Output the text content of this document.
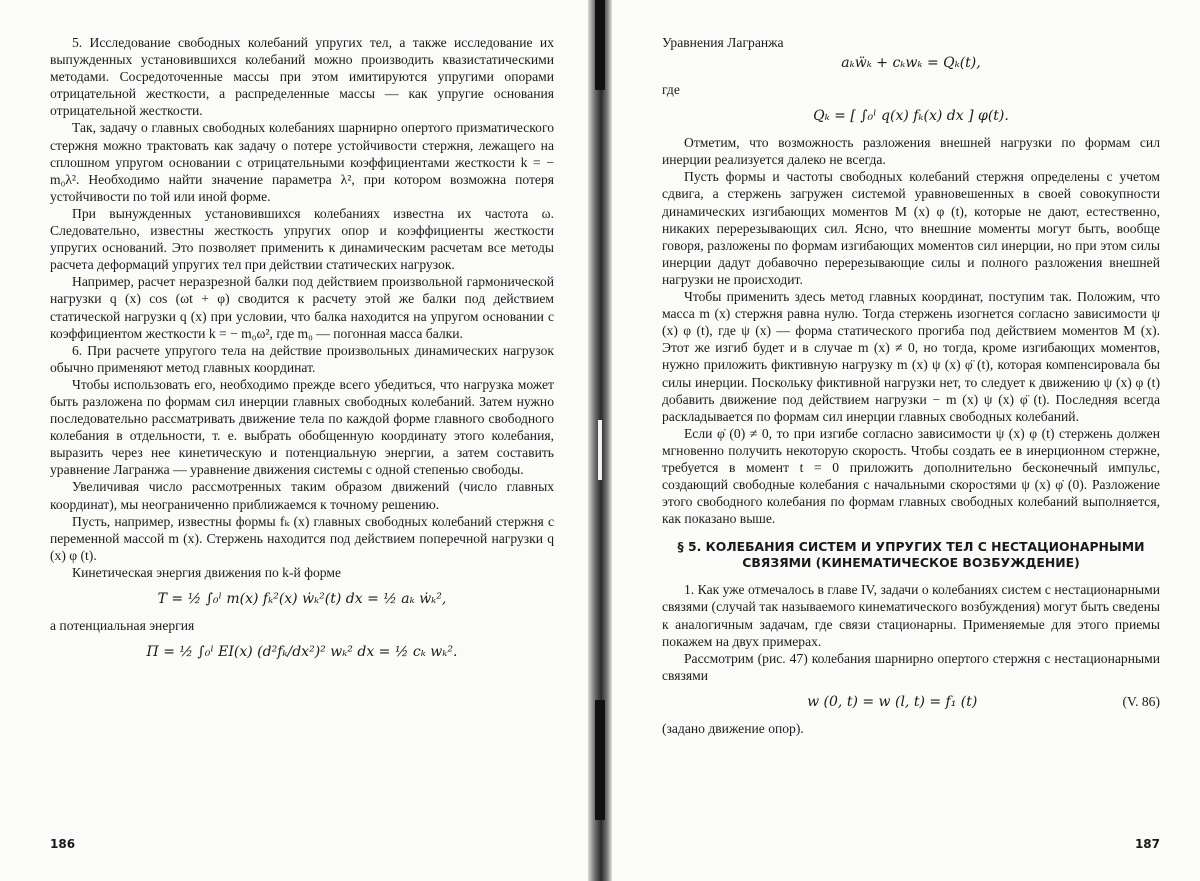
5. Исследование свободных колебаний упругих тел, а также исследование их выпужденных установившихся колебаний можно производить квазистатическими методами. Сосредоточенные массы при этом имитируются упругими опорами отрицательной жесткости, а распределенные массы — как упругие основания отрицательной жесткости.

Так, задачу о главных свободных колебаниях шарнирно опертого призматического стержня можно трактовать как задачу о потере устойчивости стержня, лежащего на сплошном упругом основании с отрицательными коэффициентами жесткости k = − m₀λ². Необходимо найти значение параметра λ², при котором возможна потеря устойчивости по той или иной форме.

При вынужденных установившихся колебаниях известна их частота ω. Следовательно, известны жесткость упругих опор и коэффициенты жесткости упругих оснований. Это позволяет применить к динамическим расчетам все методы расчета деформаций упругих тел при действии статических нагрузок.

Например, расчет неразрезной балки под действием произвольной гармонической нагрузки q (x) cos (ωt + φ) сводится к расчету этой же балки под действием статической нагрузки q (x) при условии, что балка находится на упругом основании с коэффициентом жесткости k = − m₀ω², где m₀ — погонная масса балки.

6. При расчете упругого тела на действие произвольных динамических нагрузок обычно применяют метод главных координат.

Чтобы использовать его, необходимо прежде всего убедиться, что нагрузка может быть разложена по формам сил инерции главных свободных колебаний. Затем нужно последовательно рассматривать движение тела по каждой форме главного свободного колебания в отдельности, т. е. выбрать обобщенную координату этого колебания, выразить через нее кинетическую и потенциальную энергии, а затем составить уравнение Лагранжа — уравнение движения системы с одной степенью свободы.

Увеличивая число рассмотренных таким образом движений (число главных координат), мы неограниченно приближаемся к точному решению.

Пусть, например, известны формы fₖ (x) главных свободных колебаний стержня с переменной массой m (x). Стержень находится под действием поперечной нагрузки q (x) φ (t).

Кинетическая энергия движения по k-й форме

T = ½ ∫₀ˡ m(x) fₖ²(x) ẇₖ²(t) dx = ½ aₖ ẇₖ²,

а потенциальная энергия

Π = ½ ∫₀ˡ EI(x) (d²fₖ/dx²)² wₖ² dx = ½ cₖ wₖ².
186

Уравнения Лагранжа

aₖẅₖ + cₖwₖ = Qₖ(t),

где

Qₖ = [ ∫₀ˡ q(x) fₖ(x) dx ] φ(t).

Отметим, что возможность разложения внешней нагрузки по формам сил инерции реализуется далеко не всегда.

Пусть формы и частоты свободных колебаний стержня определены с учетом сдвига, а стержень загружен системой уравновешенных в своей совокупности динамических изгибающих моментов M (x) φ (t), которые не дают, естественно, никаких перерезывающих сил. Ясно, что внешние моменты могут быть, вообще говоря, разложены по формам изгибающих моментов сил инерции, но при этом силы инерции дадут добавочно перерезывающие силы и полного разложения внешней нагрузки не происходит.

Чтобы применить здесь метод главных координат, поступим так. Положим, что масса m (x) стержня равна нулю. Тогда стержень изогнется согласно зависимости ψ (x) φ (t), где ψ (x) — форма статического прогиба под действием моментов M (x). Этот же изгиб будет и в случае m (x) ≠ 0, но тогда, кроме изгибающих моментов, нужно приложить фиктивную нагрузку m (x) ψ (x) φ̈ (t), которая компенсировала бы силы инерции. Поскольку фиктивной нагрузки нет, то следует к движению ψ (x) φ (t) добавить движение под действием нагрузки − m (x) ψ (x) φ̈ (t). Последняя всегда раскладывается по формам сил инерции главных свободных колебаний.

Если φ̇ (0) ≠ 0, то при изгибе согласно зависимости ψ (x) φ (t) стержень должен мгновенно получить некоторую скорость. Чтобы создать ее в инерционном стержне, требуется в момент t = 0 приложить дополнительно бесконечный импульс, создающий свободные колебания с начальными скоростями ψ (x) φ̇ (0). Разложение этого свободного колебания по формам главных свободных колебаний выполняется, как показано выше.

§ 5. КОЛЕБАНИЯ СИСТЕМ И УПРУГИХ ТЕЛ С НЕСТАЦИОНАРНЫМИ СВЯЗЯМИ (КИНЕМАТИЧЕСКОЕ ВОЗБУЖДЕНИЕ)

1. Как уже отмечалось в главе IV, задачи о колебаниях систем с нестационарными связями (случай так называемого кинематического возбуждения) могут быть сведены к аналогичным задачам, где связи стационарны. Применяемые для этого приемы покажем на двух примерах.

Рассмотрим (рис. 47) колебания шарнирно опертого стержня с нестационарными связями

w (0, t) = w (l, t) = f₁ (t)	(V. 86)

(задано движение опор).

187
